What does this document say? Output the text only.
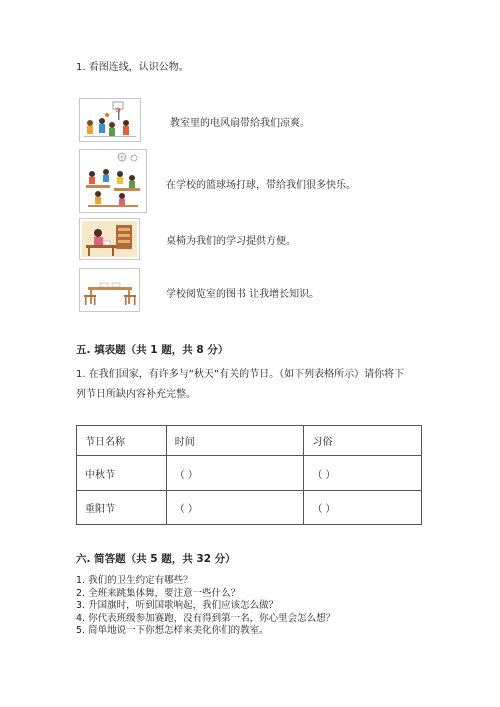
1. 看图连线，认识公物。
教室里的电风扇带给我们凉爽。
在学校的篮球场打球，带给我们很多快乐。
桌椅为我们的学习提供方便。
学校阅览室的图书 让我增长知识。
五. 填表题（共 1 题，共 8 分）
1. 在我们国家，有许多与“秋天”有关的节日。（如下列表格所示）请你将下
列节日所缺内容补充完整。
节日名称	时间	习俗
中秋节	（ ）	（ ）
重阳节	（ ）	（ ）
六. 简答题（共 5 题，共 32 分）
1. 我们的卫生约定有哪些？
2. 全班来跳集体舞，要注意一些什么？
3. 升国旗时，听到国歌响起，我们应该怎么做？
4. 你代表班级参加赛跑，没有得到第一名，你心里会怎么想？
5. 简单地说一下你想怎样来美化你们的教室。
